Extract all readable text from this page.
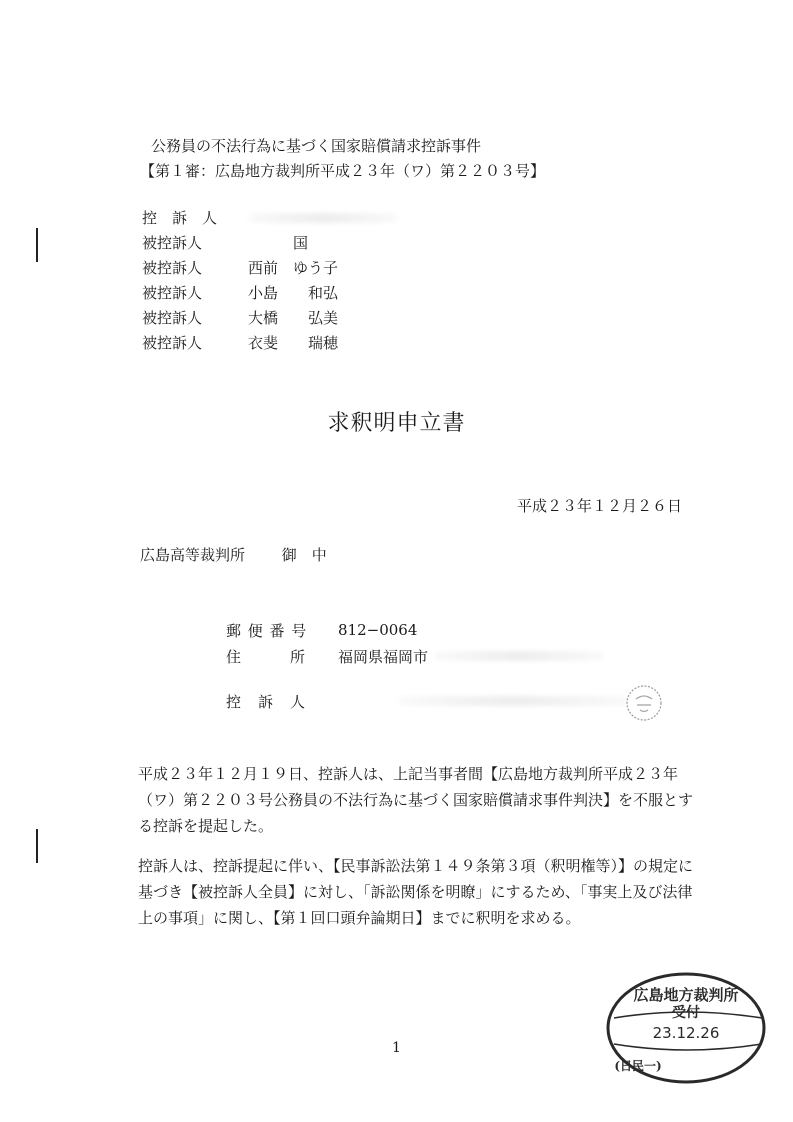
公務員の不法行為に基づく国家賠償請求控訴事件
【第１審：広島地方裁判所平成２３年（ワ）第２２０３号】
控　訴　人
被控訴人	　　　国
被控訴人	西前　ゆう子
被控訴人	小島　　和弘
被控訴人	大橋　　弘美
被控訴人	衣斐　　瑞穂
求釈明申立書
平成２３年１２月２６日
広島高等裁判所 御　中
郵 便 番 号	812−0064
住　　　所	福岡県福岡市
控　訴　人

平成２３年１２月１９日、控訴人は、上記当事者間【広島地方裁判所平成２３年（ワ）第２２０３号公務員の不法行為に基づく国家賠償請求事件判決】を不服とする控訴を提起した。

控訴人は、控訴提起に伴い、【民事訴訟法第１４９条第３項（釈明権等）】の規定に基づき【被控訴人全員】に対し、「訴訟関係を明瞭」にするため、「事実上及び法律上の事項」に関し、【第１回口頭弁論期日】までに釈明を求める。

1
広島地方裁判所
受付
23.12.26
(日民一)
